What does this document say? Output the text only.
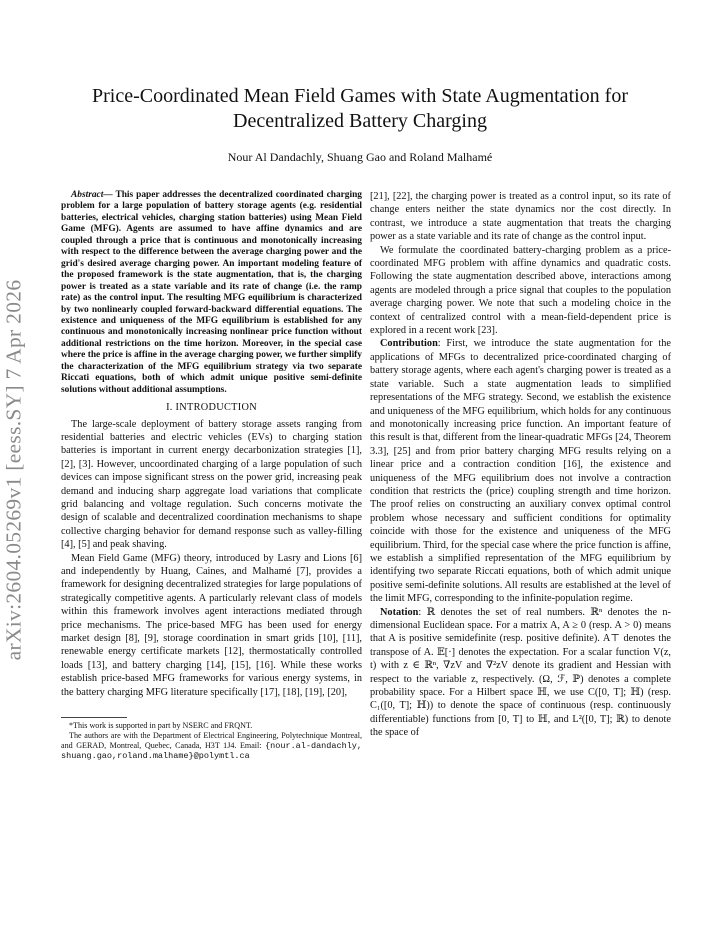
arXiv:2604.05269v1 [eess.SY] 7 Apr 2026
Price-Coordinated Mean Field Games with State Augmentation for
Decentralized Battery Charging
Nour Al Dandachly, Shuang Gao and Roland Malhamé
Abstract— This paper addresses the decentralized coordinated charging problem for a large population of battery storage agents (e.g. residential batteries, electrical vehicles, charging station batteries) using Mean Field Game (MFG). Agents are assumed to have affine dynamics and are coupled through a price that is continuous and monotonically increasing with respect to the difference between the average charging power and the grid's desired average charging power. An important modeling feature of the proposed framework is the state augmentation, that is, the charging power is treated as a state variable and its rate of change (i.e. the ramp rate) as the control input. The resulting MFG equilibrium is characterized by two nonlinearly coupled forward-backward differential equations. The existence and uniqueness of the MFG equilibrium is established for any continuous and monotonically increasing nonlinear price function without additional restrictions on the time horizon. Moreover, in the special case where the price is affine in the average charging power, we further simplify the characterization of the MFG equilibrium strategy via two separate Riccati equations, both of which admit unique positive semi-definite solutions without additional assumptions.
I. INTRODUCTION

The large-scale deployment of battery storage assets ranging from residential batteries and electric vehicles (EVs) to charging station batteries is important in current energy decarbonization strategies [1], [2], [3]. However, uncoordinated charging of a large population of such devices can impose significant stress on the power grid, increasing peak demand and inducing sharp aggregate load variations that complicate grid balancing and voltage regulation. Such concerns motivate the design of scalable and decentralized coordination mechanisms to shape collective charging behavior for demand response such as valley-filling [4], [5] and peak shaving.

Mean Field Game (MFG) theory, introduced by Lasry and Lions [6] and independently by Huang, Caines, and Malhamé [7], provides a framework for designing decentralized strategies for large populations of strategically competitive agents. A particularly relevant class of models within this framework involves agent interactions mediated through price mechanisms. The price-based MFG has been used for energy market design [8], [9], storage coordination in smart grids [10], [11], renewable energy certificate markets [12], thermostatically controlled loads [13], and battery charging [14], [15], [16]. While these works establish price-based MFG frameworks for various energy systems, in the battery charging MFG literature specifically [17], [18], [19], [20],

*This work is supported in part by NSERC and FRQNT.

The authors are with the Department of Electrical Engineering, Polytechnique Montreal, and GERAD, Montreal, Quebec, Canada, H3T 1J4. Email: {nour.al-dandachly, shuang.gao,roland.malhame}@polymtl.ca

[21], [22], the charging power is treated as a control input, so its rate of change enters neither the state dynamics nor the cost directly. In contrast, we introduce a state augmentation that treats the charging power as a state variable and its rate of change as the control input.

We formulate the coordinated battery-charging problem as a price-coordinated MFG problem with affine dynamics and quadratic costs. Following the state augmentation described above, interactions among agents are modeled through a price signal that couples to the population average charging power. We note that such a modeling choice in the context of centralized control with a mean-field-dependent price is explored in a recent work [23].

Contribution: First, we introduce the state augmentation for the applications of MFGs to decentralized price-coordinated charging of battery storage agents, where each agent's charging power is treated as a state variable. Such a state augmentation leads to simplified representations of the MFG strategy. Second, we establish the existence and uniqueness of the MFG equilibrium, which holds for any continuous and monotonically increasing price function. An important feature of this result is that, different from the linear-quadratic MFGs [24, Theorem 3.3], [25] and from prior battery charging MFG results relying on a linear price and a contraction condition [16], the existence and uniqueness of the MFG equilibrium does not involve a contraction condition that restricts the (price) coupling strength and time horizon. The proof relies on constructing an auxiliary convex optimal control problem whose necessary and sufficient conditions for optimality coincide with those for the existence and uniqueness of the MFG equilibrium. Third, for the special case where the price function is affine, we establish a simplified representation of the MFG equilibrium by identifying two separate Riccati equations, both of which admit unique positive semi-definite solutions. All results are established at the level of the limit MFG, corresponding to the infinite-population regime.

Notation: ℝ denotes the set of real numbers. ℝⁿ denotes the n-dimensional Euclidean space. For a matrix A, A ≥ 0 (resp. A > 0) means that A is positive semidefinite (resp. positive definite). A⊤ denotes the transpose of A. 𝔼[·] denotes the expectation. For a scalar function V(z, t) with z ∈ ℝⁿ, ∇zV and ∇²zV denote its gradient and Hessian with respect to the variable z, respectively. (Ω, ℱ, ℙ) denotes a complete probability space. For a Hilbert space ℍ, we use C([0, T]; ℍ) (resp. C₁([0, T]; ℍ)) to denote the space of continuous (resp. continuously differentiable) functions from [0, T] to ℍ, and L²([0, T]; ℝ) to denote the space of
